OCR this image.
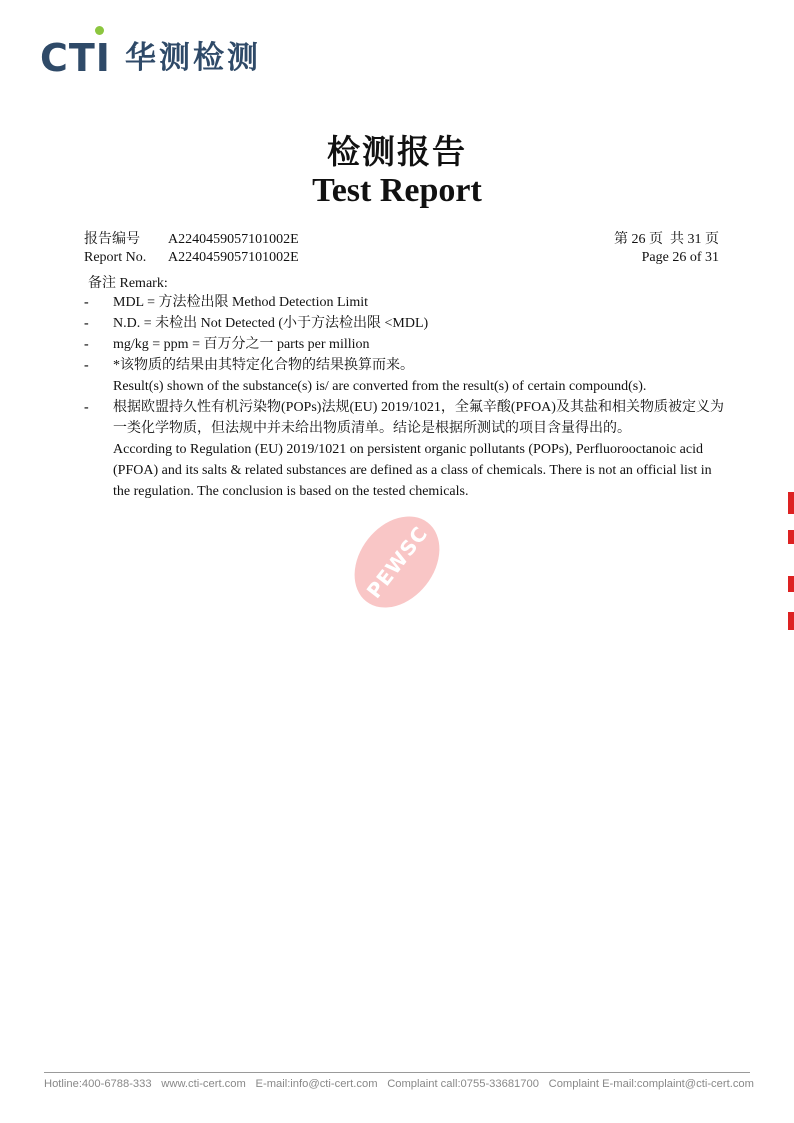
CTI 华测检测
检测报告
Test Report
报告编号 A2240459057101002E
Report No. A2240459057101002E
第 26 页  共 31 页
Page 26 of 31
备注 Remark:
- MDL = 方法检出限 Method Detection Limit
- N.D. = 未检出 Not Detected (小于方法检出限 <MDL)
- mg/kg = ppm = 百万分之一 parts per million
- *该物质的结果由其特定化合物的结果换算而来。
Result(s) shown of the substance(s) is/ are converted from the result(s) of certain compound(s).
- 根据欧盟持久性有机污染物(POPs)法规(EU) 2019/1021，全氟辛酸(PFOA)及其盐和相关物质被定义为
一类化学物质，但法规中并未给出物质清单。结论是根据所测试的项目含量得出的。
According to Regulation (EU) 2019/1021 on persistent organic pollutants (POPs), Perfluorooctanoic acid
(PFOA) and its salts & related substances are defined as a class of chemicals. There is not an official list in
the regulation. The conclusion is based on the tested chemicals.
PEWSC
Hotline:400-6788-333 www.cti-cert.com E-mail:info@cti-cert.com Complaint call:0755-33681700 Complaint E-mail:complaint@cti-cert.com
